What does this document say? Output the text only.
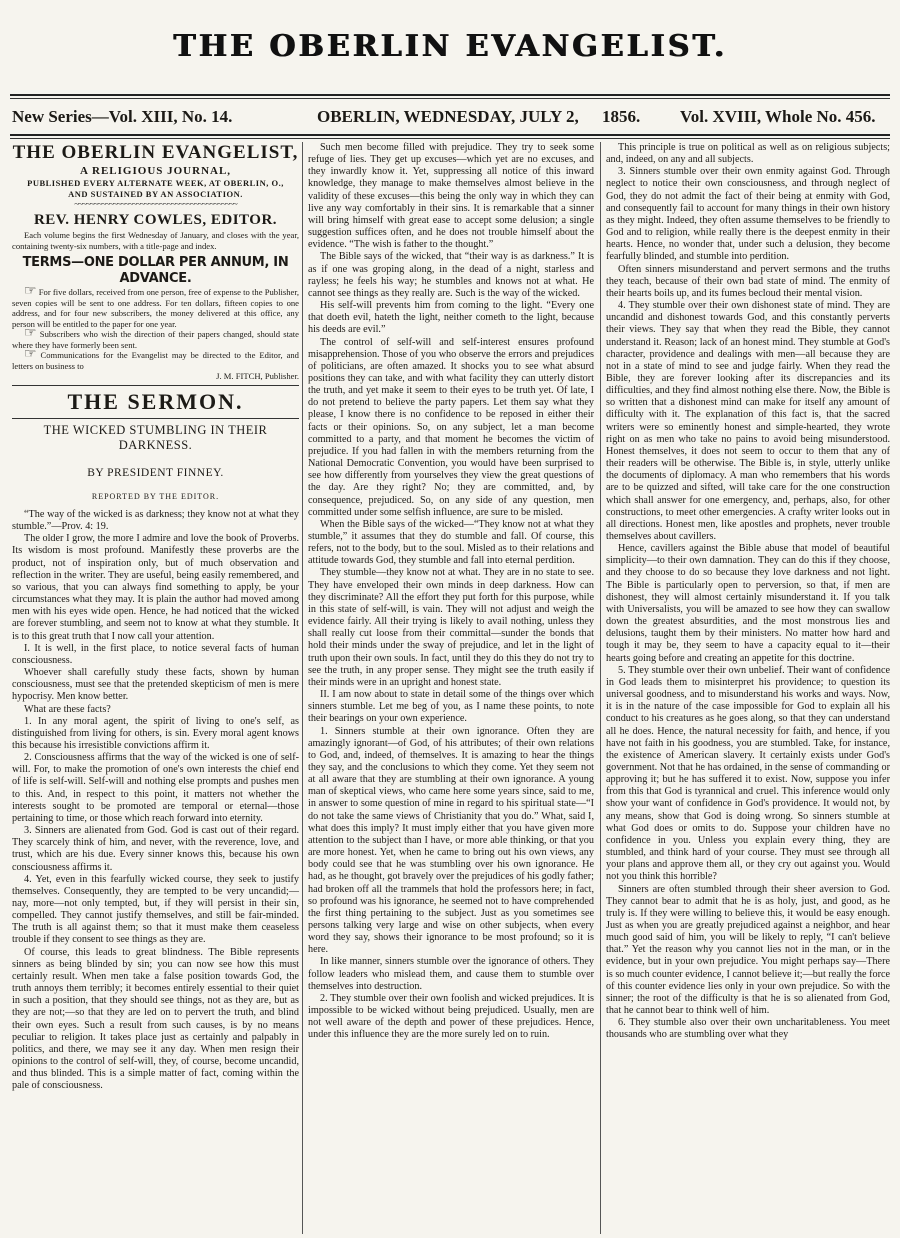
THE OBERLIN EVANGELIST.
New Series—Vol. XIII, No. 14.	OBERLIN, WEDNESDAY, JULY 2, 1856. Vol. XVIII, Whole No. 456.
THE OBERLIN EVANGELIST,
A RELIGIOUS JOURNAL,
PUBLISHED EVERY ALTERNATE WEEK, AT OBERLIN, O.,
AND SUSTAINED BY AN ASSOCIATION.
~~~~~~~~~~~~~~~~~~~~~~~~~~~~~~~~~~~~~~~~~~
REV. HENRY COWLES, EDITOR.

Each volume begins the first Wednesday of January, and closes with the year, containing twenty-six numbers, with a title-page and index.

TERMS—ONE DOLLAR PER ANNUM, IN ADVANCE.

☞ For five dollars, received from one person, free of expense to the Publisher, seven copies will be sent to one address. For ten dollars, fifteen copies to one address, and for four new subscribers, the money delivered at this office, any person will be entitled to the paper for one year.

☞ Subscribers who wish the direction of their papers changed, should state where they have formerly been sent.

☞ Communications for the Evangelist may be directed to the Editor, and letters on business to

J. M. FITCH, Publisher.

THE SERMON.
THE WICKED STUMBLING IN THEIR DARKNESS.
BY PRESIDENT FINNEY.
REPORTED BY THE EDITOR.

“The way of the wicked is as darkness; they know not at what they stumble.”—Prov. 4: 19.

The older I grow, the more I admire and love the book of Proverbs. Its wisdom is most profound. Manifestly these proverbs are the product, not of inspiration only, but of much observation and reflection in the writer. They are useful, being easily remembered, and so various, that you can always find something to apply, be your circumstances what they may. It is plain the author had moved among men with his eyes wide open. Hence, he had noticed that the wicked are forever stumbling, and seem not to know at what they stumble. It is to this great truth that I now call your attention.

I. It is well, in the first place, to notice several facts of human consciousness.

Whoever shall carefully study these facts, shown by human consciousness, must see that the pretended skepticism of men is mere hypocrisy. Men know better.

What are these facts?

1. In any moral agent, the spirit of living to one's self, as distinguished from living for others, is sin. Every moral agent knows this because his irresistible convictions affirm it.

2. Consciousness affirms that the way of the wicked is one of self-will. For, to make the promotion of one's own interests the chief end of life is self-will. Self-will and nothing else prompts and pushes men to this. And, in respect to this point, it matters not whether the interests sought to be promoted are temporal or eternal—those pertaining to time, or those which reach forward into eternity.

3. Sinners are alienated from God. God is cast out of their regard. They scarcely think of him, and never, with the reverence, love, and trust, which are his due. Every sinner knows this, because his own consciousness affirms it.

4. Yet, even in this fearfully wicked course, they seek to justify themselves. Consequently, they are tempted to be very uncandid;—nay, more—not only tempted, but, if they will persist in their sin, compelled. They cannot justify themselves, and still be fair-minded. The truth is all against them; so that it must make them ceaseless trouble if they consent to see things as they are.

Of course, this leads to great blindness. The Bible represents sinners as being blinded by sin; you can now see how this must certainly result. When men take a false position towards God, the truth annoys them terribly; it becomes entirely essential to their quiet in such a position, that they should see things, not as they are, but as they are not;—so that they are led on to pervert the truth, and blind their own eyes. Such a result from such causes, is by no means peculiar to religion. It takes place just as certainly and palpably in politics, and there, we may see it any day. When men resign their opinions to the control of self-will, they, of course, become uncandid, and thus blinded. This is a simple matter of fact, coming within the pale of consciousness.

Such men become filled with prejudice. They try to seek some refuge of lies. They get up excuses—which yet are no excuses, and they inwardly know it. Yet, suppressing all notice of this inward knowledge, they manage to make themselves almost believe in the validity of these excuses—this being the only way in which they can live any way comfortably in their sins. It is remarkable that a sinner will bring himself with great ease to accept some delusion; a single suggestion suffices often, and he does not trouble himself about the evidence. “The wish is father to the thought.”

The Bible says of the wicked, that “their way is as darkness.” It is as if one was groping along, in the dead of a night, starless and rayless; he feels his way; he stumbles and knows not at what. He cannot see things as they really are. Such is the way of the wicked.

His self-will prevents him from coming to the light. “Every one that doeth evil, hateth the light, neither cometh to the light, because his deeds are evil.”

The control of self-will and self-interest ensures profound misapprehension. Those of you who observe the errors and prejudices of politicians, are often amazed. It shocks you to see what absurd positions they can take, and with what facility they can utterly distort the truth, and yet make it seem to their eyes to be truth yet. Of late, I do not pretend to believe the party papers. Let them say what they please, I know there is no confidence to be reposed in either their facts or their opinions. So, on any subject, let a man become committed to a party, and that moment he becomes the victim of prejudice. If you had fallen in with the members returning from the National Democratic Convention, you would have been surprised to see how differently from yourselves they view the great questions of the day. Are they right? No; they are committed, and, by consequence, prejudiced. So, on any side of any question, men committed under some selfish influence, are sure to be misled.

When the Bible says of the wicked—“They know not at what they stumble,” it assumes that they do stumble and fall. Of course, this refers, not to the body, but to the soul. Misled as to their relations and attitude towards God, they stumble and fall into eternal perdition.

They stumble—they know not at what. They are in no state to see. They have enveloped their own minds in deep darkness. How can they discriminate? All the effort they put forth for this purpose, while in this state of self-will, is vain. They will not adjust and weigh the evidence fairly. All their trying is likely to avail nothing, unless they shall really cut loose from their committal—sunder the bonds that hold their minds under the sway of prejudice, and let in the light of truth upon their own souls. In fact, until they do this they do not try to see the truth, in any proper sense. They might see the truth easily if their minds were in an upright and honest state.

II. I am now about to state in detail some of the things over which sinners stumble. Let me beg of you, as I name these points, to note their bearings on your own experience.

1. Sinners stumble at their own ignorance. Often they are amazingly ignorant—of God, of his attributes; of their own relations to God, and, indeed, of themselves. It is amazing to hear the things they say, and the conclusions to which they come. Yet they seem not at all aware that they are stumbling at their own ignorance. A young man of skeptical views, who came here some years since, said to me, in answer to some question of mine in regard to his spiritual state—“I do not take the same views of Christianity that you do.” What, said I, what does this imply? It must imply either that you have given more attention to the subject than I have, or more able thinking, or that you are more honest. Yet, when he came to bring out his own views, any body could see that he was stumbling over his own ignorance. He had, as he thought, got bravely over the prejudices of his godly father; had broken off all the trammels that hold the professors here; in fact, so profound was his ignorance, he seemed not to have comprehended the first thing pertaining to the subject. Just as you sometimes see persons talking very large and wise on other subjects, when every word they say, shows their ignorance to be most profound; so it is here.

In like manner, sinners stumble over the ignorance of others. They follow leaders who mislead them, and cause them to stumble over themselves into destruction.

2. They stumble over their own foolish and wicked prejudices. It is impossible to be wicked without being prejudiced. Usually, men are not well aware of the depth and power of these prejudices. Hence, under this influence they are the more surely led on to ruin.

This principle is true on political as well as on religious subjects; and, indeed, on any and all subjects.

3. Sinners stumble over their own enmity against God. Through neglect to notice their own consciousness, and through neglect of God, they do not admit the fact of their being at enmity with God, and consequently fail to account for many things in their own history as they might. Indeed, they often assume themselves to be friendly to God and to religion, while really there is the deepest enmity in their hearts. Hence, no wonder that, under such a delusion, they become fearfully blinded, and stumble into perdition.

Often sinners misunderstand and pervert sermons and the truths they teach, because of their own bad state of mind. The enmity of their hearts boils up, and its fumes becloud their mental vision.

4. They stumble over their own dishonest state of mind. They are uncandid and dishonest towards God, and this constantly perverts their views. They say that when they read the Bible, they cannot understand it. Reason; lack of an honest mind. They stumble at God's character, providence and dealings with men—all because they are not in a state of mind to see and judge fairly. When they read the Bible, they are forever looking after its discrepancies and its difficulties, and they find almost nothing else there. Now, the Bible is so written that a dishonest mind can make for itself any amount of difficulty with it. The explanation of this fact is, that the sacred writers were so eminently honest and simple-hearted, they wrote right on as men who take no pains to avoid being misunderstood. Honest themselves, it does not seem to occur to them that any of their readers will be otherwise. The Bible is, in style, utterly unlike the documents of diplomacy. A man who remembers that his words are to be quizzed and sifted, will take care for the one construction which shall answer for one emergency, and, perhaps, also, for other constructions, to meet other emergencies. A crafty writer looks out in all directions. Honest men, like apostles and prophets, never trouble themselves about cavillers.

Hence, cavillers against the Bible abuse that model of beautiful simplicity—to their own damnation. They can do this if they choose, and they choose to do so because they love darkness and not light. The Bible is particularly open to perversion, so that, if men are dishonest, they will almost certainly misunderstand it. If you talk with Universalists, you will be amazed to see how they can swallow down the greatest absurdities, and the most monstrous lies and delusions, taught them by their ministers. No matter how hard and tough it may be, they seem to have a capacity equal to it—their hearts going before and creating an appetite for this doctrine.

5. They stumble over their own unbelief. Their want of confidence in God leads them to misinterpret his providence; to question its universal goodness, and to misunderstand his works and ways. Now, it is in the nature of the case impossible for God to explain all his conduct to his creatures as he goes along, so that they can understand all he does. Hence, the natural necessity for faith, and hence, if you have not faith in his goodness, you are stumbled. Take, for instance, the existence of American slavery. It certainly exists under God's government. Not that he has ordained, in the sense of commanding or approving it; but he has suffered it to exist. Now, suppose you infer from this that God is tyrannical and cruel. This inference would only show your want of confidence in God's providence. It would not, by any means, show that God is doing wrong. So sinners stumble at what God does or omits to do. Suppose your children have no confidence in you. Unless you explain every thing, they are stumbled, and think hard of your course. They must see through all your plans and approve them all, or they cry out against you. Would not you think this horrible?

Sinners are often stumbled through their sheer aversion to God. They cannot bear to admit that he is as holy, just, and good, as he truly is. If they were willing to believe this, it would be easy enough. Just as when you are greatly prejudiced against a neighbor, and hear much good said of him, you will be likely to reply, “I can't believe that.” Yet the reason why you cannot lies not in the man, or in the evidence, but in your own prejudice. You might perhaps say—There is so much counter evidence, I cannot believe it;—but really the force of this counter evidence lies only in your own prejudice. So with the sinner; the root of the difficulty is that he is so alienated from God, that he cannot bear to think well of him.

6. They stumble also over their own uncharitableness. You meet thousands who are stumbling over what they
